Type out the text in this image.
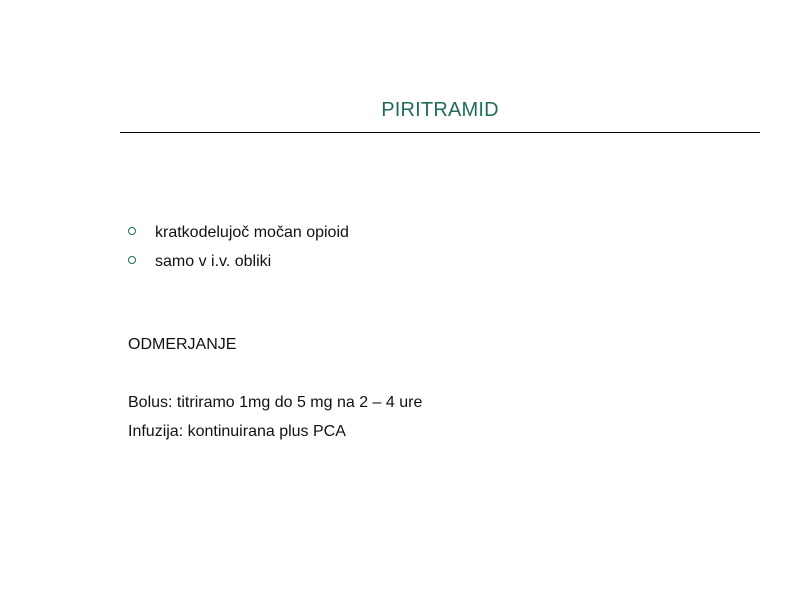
PIRITRAMID
kratkodelujoč močan opioid
samo v i.v. obliki
ODMERJANJE
Bolus: titriramo 1mg do 5 mg na 2 – 4 ure
Infuzija: kontinuirana plus PCA
